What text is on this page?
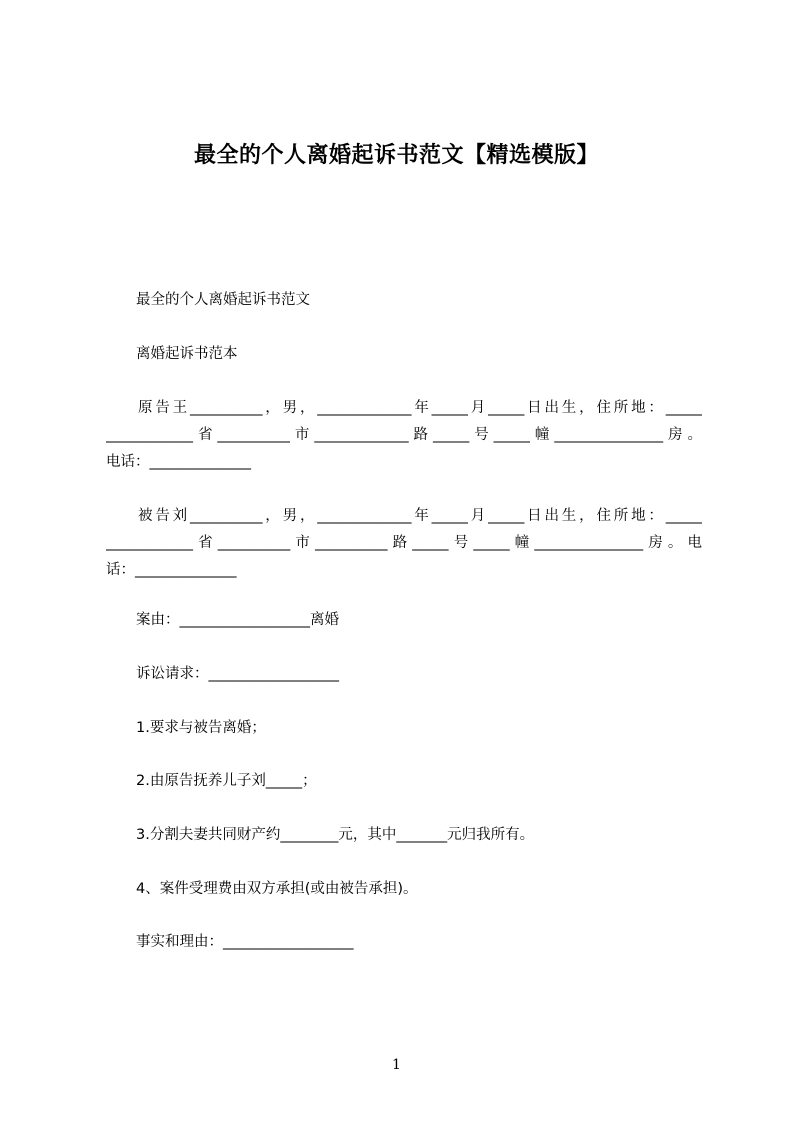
最全的个人离婚起诉书范文【精选模版】
最全的个人离婚起诉书范文
离婚起诉书范本
原告王__________，男，_____________年_____月_____日出生，住所地：_____
____________省__________市_____________路_____号_____幢_______________房。
电话：______________
被告刘__________，男，_____________年_____月_____日出生，住所地：_____
____________省__________市__________路_____号_____幢_______________房。电
话：______________
案由：__________________离婚
诉讼请求：__________________
1.要求与被告离婚；
2.由原告抚养儿子刘_____；
3.分割夫妻共同财产约________元，其中_______元归我所有。
4、案件受理费由双方承担(或由被告承担)。
事实和理由：__________________
1
